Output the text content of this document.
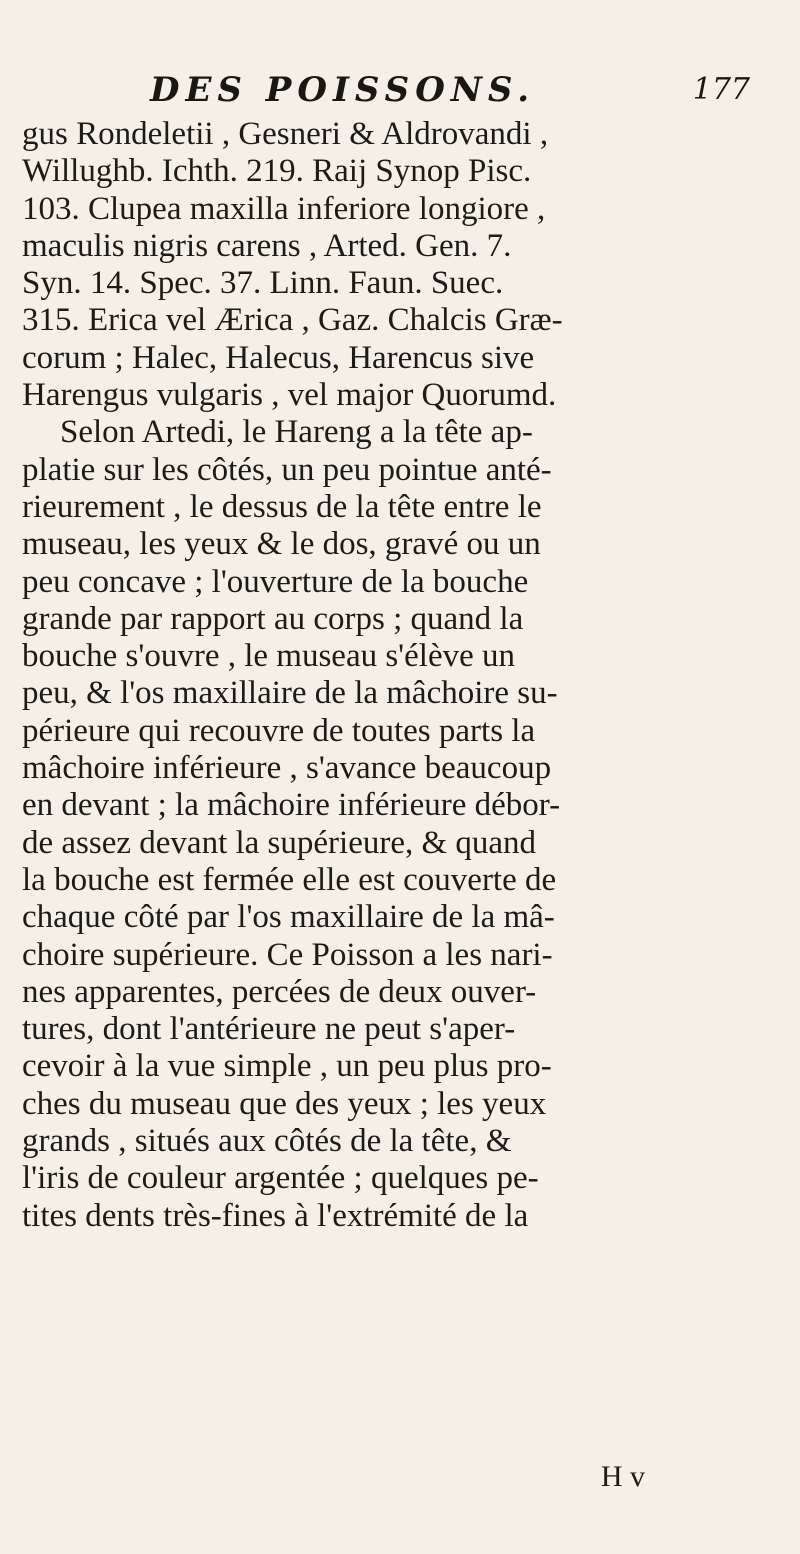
DES POISSONS.	177
gus Rondeletii , Gesneri & Aldrovandi ,
Willughb. Ichth. 219. Raij Synop Pisc.
103. Clupea maxilla inferiore longiore ,
maculis nigris carens , Arted. Gen. 7.
Syn. 14. Spec. 37. Linn. Faun. Suec.
315. Erica vel Ærica , Gaz. Chalcis Græ-
corum ; Halec, Halecus, Harencus sive
Harengus vulgaris , vel major Quorumd.
Selon Artedi, le Hareng a la tête ap-
platie sur les côtés, un peu pointue anté-
rieurement , le dessus de la tête entre le
museau, les yeux & le dos, gravé ou un
peu concave ; l'ouverture de la bouche
grande par rapport au corps ; quand la
bouche s'ouvre , le museau s'élève un
peu, & l'os maxillaire de la mâchoire su-
périeure qui recouvre de toutes parts la
mâchoire inférieure , s'avance beaucoup
en devant ; la mâchoire inférieure débor-
de assez devant la supérieure, & quand
la bouche est fermée elle est couverte de
chaque côté par l'os maxillaire de la mâ-
choire supérieure. Ce Poisson a les nari-
nes apparentes, percées de deux ouver-
tures, dont l'antérieure ne peut s'aper-
cevoir à la vue simple , un peu plus pro-
ches du museau que des yeux ; les yeux
grands , situés aux côtés de la tête, &
l'iris de couleur argentée ; quelques pe-
tites dents très-fines à l'extrémité de la
H v
